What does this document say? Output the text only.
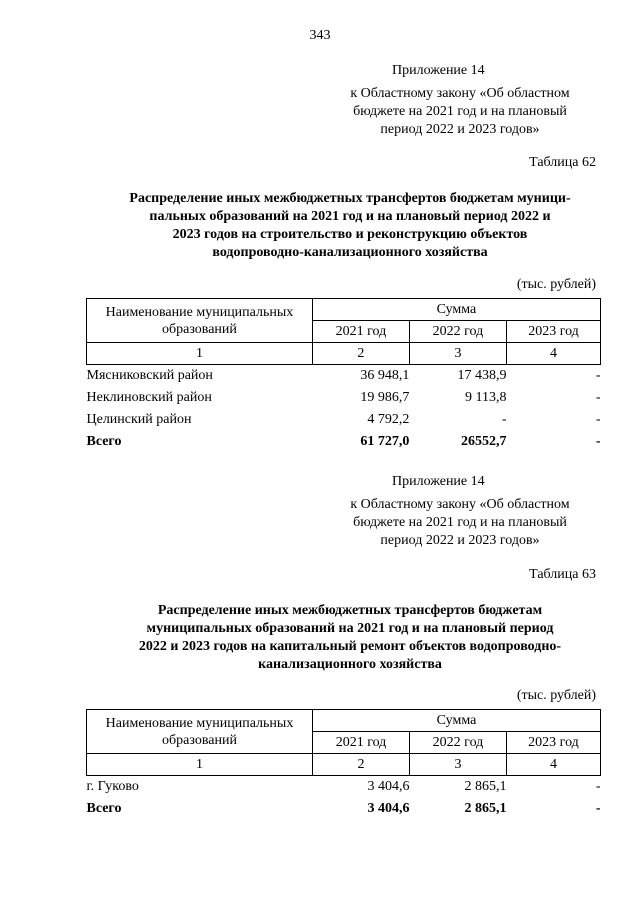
343
Приложение 14
к Областному закону «Об областном
бюджете на 2021 год и на плановый
период 2022 и 2023 годов»
Таблица 62
Распределение иных межбюджетных трансфертов бюджетам муници-
пальных образований на 2021 год и на плановый период 2022 и
2023 годов на строительство и реконструкцию объектов
водопроводно-канализационного хозяйства
(тыс. рублей)
Наименование муниципальных
образований	Сумма		
	2021 год	2022 год	2023 год
1	2	3	4
Мясниковский район	36 948,1	17 438,9	-
Неклиновский район	19 986,7	9 113,8	-
Целинский район	4 792,2	-	-
Всего	61 727,0	26552,7	-
Приложение 14
к Областному закону «Об областном
бюджете на 2021 год и на плановый
период 2022 и 2023 годов»
Таблица 63
Распределение иных межбюджетных трансфертов бюджетам
муниципальных образований на 2021 год и на плановый период
2022 и 2023 годов на капитальный ремонт объектов водопроводно-
канализационного хозяйства
(тыс. рублей)
Наименование муниципальных
образований	Сумма		
	2021 год	2022 год	2023 год
1	2	3	4
г. Гуково	3 404,6	2 865,1	-
Всего	3 404,6	2 865,1	-
